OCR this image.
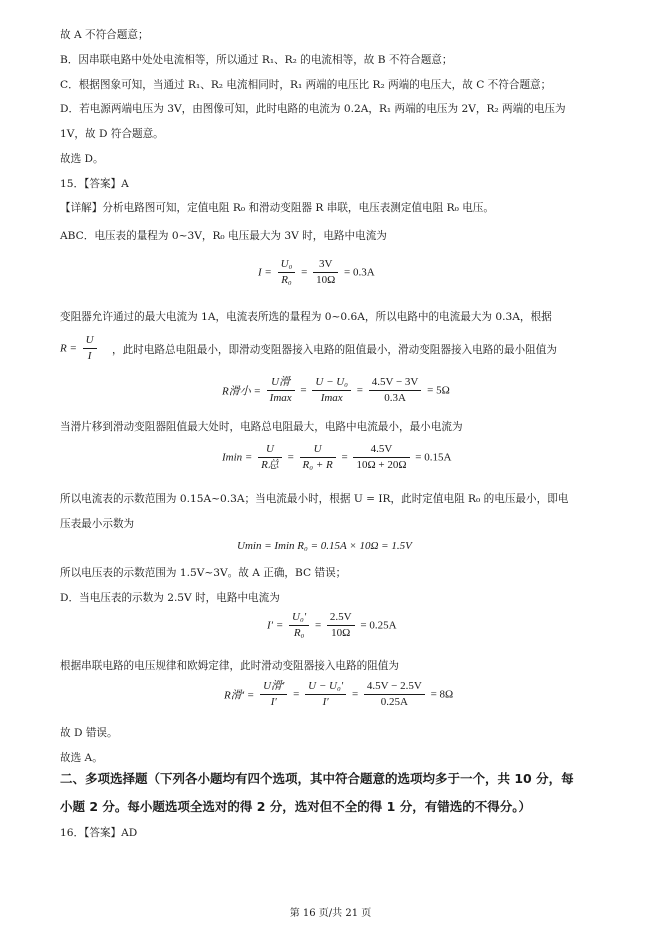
故 A 不符合题意；
B．因串联电路中处处电流相等，所以通过 R₁、R₂ 的电流相等，故 B 不符合题意；
C．根据图象可知，当通过 R₁、R₂ 电流相同时，R₁ 两端的电压比 R₂ 两端的电压大，故 C 不符合题意；
D．若电源两端电压为 3V，由图像可知，此时电路的电流为 0.2A，R₁ 两端的电压为 2V，R₂ 两端的电压为
1V，故 D 符合题意。
故选 D。
15．【答案】A
【详解】分析电路图可知，定值电阻 R₀ 和滑动变阻器 R 串联，电压表测定值电阻 R₀ 电压。
ABC．电压表的量程为 0~3V，R₀ 电压最大为 3V 时，电路中电流为
$I = \frac{\text{U₀}}{\text{R₀}} = \frac{3V}{10\Omega} = 0.3A$
变阻器允许通过的最大电流为 1A，电流表所选的量程为 0~0.6A，所以电路中的电流最大为 0.3A，根据
$R = \frac{U}{I}$ ，此时电路总电阻最小，即滑动变阻器接入电路的阻值最小，滑动变阻器接入电路的最小阻值为
R滑小 = $\frac{\text{U滑}}{Imax} = \frac{\text{U − U₀}}{Imax} = \frac{4.5V - 3V}{0.3A} = 5\Omega$
当滑片移到滑动变阻器阻值最大处时，电路总电阻最大，电路中电流最小，最小电流为
$Imin = \frac{U}{\text{R总}} = \frac{U}{\text{R₀ + R}} = \frac{4.5V}{10\Omega + 20\Omega} = 0.15A$
所以电流表的示数范围为 0.15A~0.3A；当电流最小时，根据 U = IR，此时定值电阻 R₀ 的电压最小，即电
压表最小示数为
Umin = Imin R₀ = 0.15A × 10Ω = 1.5V
所以电压表的示数范围为 1.5V~3V。故 A 正确，BC 错误；
D．当电压表的示数为 2.5V 时，电路中电流为
$I' = \frac{\text{U₀′}}{\text{R₀}} = \frac{2.5V}{10\Omega} = 0.25A$
根据串联电路的电压规律和欧姆定律，此时滑动变阻器接入电路的阻值为
R滑′ = $\frac{\text{U滑′}}{I'} = \frac{\text{U − U₀′}}{I'} = \frac{4.5V - 2.5V}{0.25A} = 8\Omega$
故 D 错误。
故选 A。
二、多项选择题（下列各小题均有四个选项，其中符合题意的选项均多于一个，共 10 分，每
小题 2 分。每小题选项全选对的得 2 分，选对但不全的得 1 分，有错选的不得分。）
16．【答案】AD
第 16 页/共 21 页
